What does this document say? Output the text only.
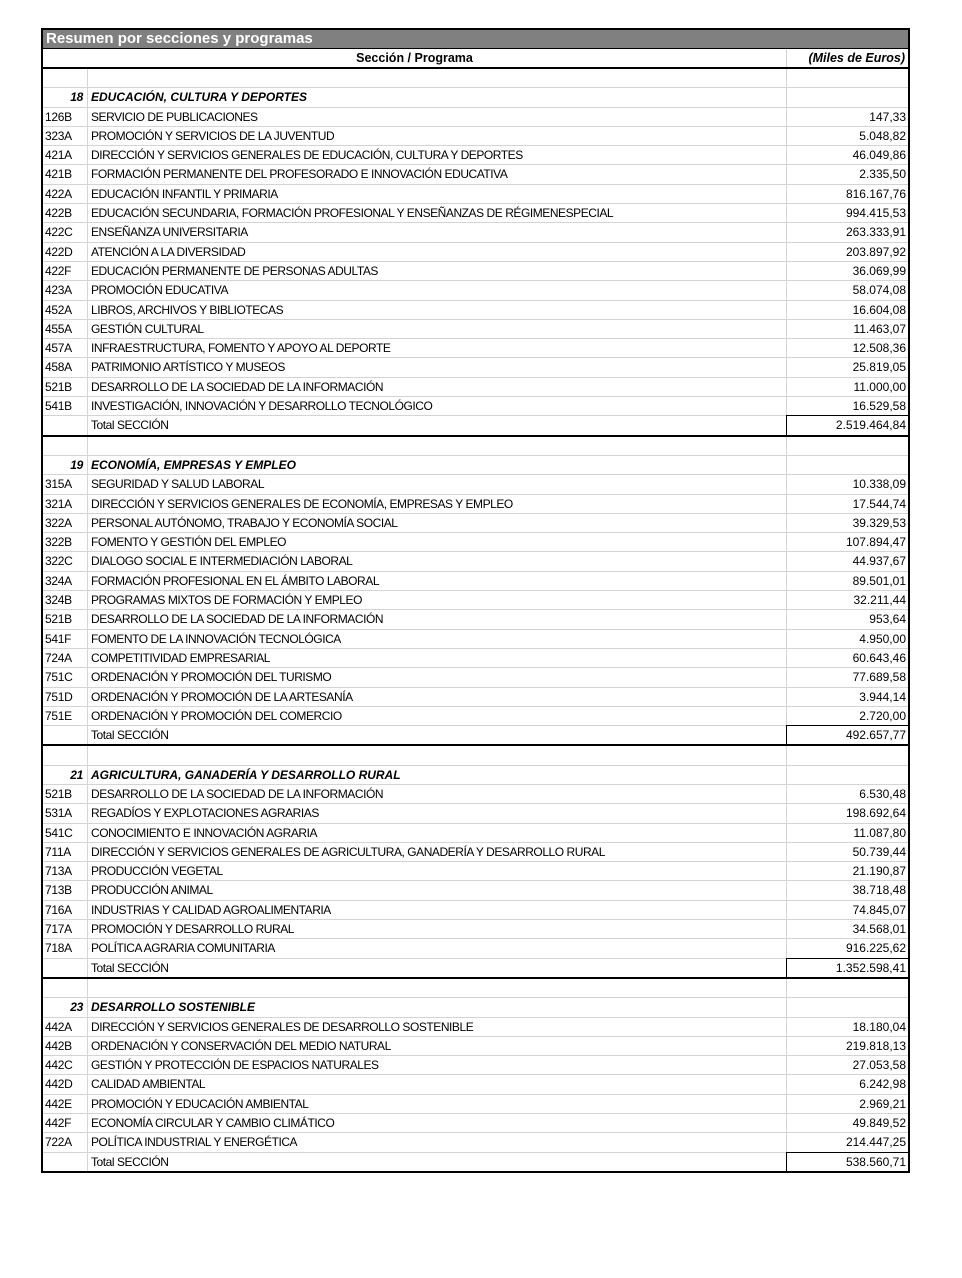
Resumen por secciones y programas
Sección / Programa	(Miles de Euros)
18 EDUCACIÓN, CULTURA Y DEPORTES
126B	SERVICIO DE PUBLICACIONES	147,33
323A	PROMOCIÓN Y SERVICIOS DE LA JUVENTUD	5.048,82
421A	DIRECCIÓN Y SERVICIOS GENERALES DE EDUCACIÓN, CULTURA Y DEPORTES	46.049,86
421B	FORMACIÓN PERMANENTE DEL PROFESORADO E INNOVACIÓN EDUCATIVA	2.335,50
422A	EDUCACIÓN INFANTIL Y PRIMARIA	816.167,76
422B	EDUCACIÓN SECUNDARIA, FORMACIÓN PROFESIONAL Y ENSEÑANZAS DE RÉGIMENESPECIAL	994.415,53
422C	ENSEÑANZA UNIVERSITARIA	263.333,91
422D	ATENCIÓN A LA DIVERSIDAD	203.897,92
422F	EDUCACIÓN PERMANENTE DE PERSONAS ADULTAS	36.069,99
423A	PROMOCIÓN EDUCATIVA	58.074,08
452A	LIBROS, ARCHIVOS Y BIBLIOTECAS	16.604,08
455A	GESTIÓN CULTURAL	11.463,07
457A	INFRAESTRUCTURA, FOMENTO Y APOYO AL DEPORTE	12.508,36
458A	PATRIMONIO ARTÍSTICO Y MUSEOS	25.819,05
521B	DESARROLLO DE LA SOCIEDAD DE LA INFORMACIÓN	11.000,00
541B	INVESTIGACIÓN, INNOVACIÓN Y DESARROLLO TECNOLÓGICO	16.529,58
Total SECCIÓN	2.519.464,84
19 ECONOMÍA, EMPRESAS Y EMPLEO
315A	SEGURIDAD Y SALUD LABORAL	10.338,09
321A	DIRECCIÓN Y SERVICIOS GENERALES DE ECONOMÍA, EMPRESAS Y EMPLEO	17.544,74
322A	PERSONAL AUTÓNOMO, TRABAJO Y ECONOMÍA SOCIAL	39.329,53
322B	FOMENTO Y GESTIÓN DEL EMPLEO	107.894,47
322C	DIALOGO SOCIAL E INTERMEDIACIÓN LABORAL	44.937,67
324A	FORMACIÓN PROFESIONAL EN EL ÁMBITO LABORAL	89.501,01
324B	PROGRAMAS MIXTOS DE FORMACIÓN Y EMPLEO	32.211,44
521B	DESARROLLO DE LA SOCIEDAD DE LA INFORMACIÓN	953,64
541F	FOMENTO DE LA INNOVACIÓN TECNOLÓGICA	4.950,00
724A	COMPETITIVIDAD EMPRESARIAL	60.643,46
751C	ORDENACIÓN Y PROMOCIÓN DEL TURISMO	77.689,58
751D	ORDENACIÓN Y PROMOCIÓN DE LA ARTESANÍA	3.944,14
751E	ORDENACIÓN Y PROMOCIÓN DEL COMERCIO	2.720,00
Total SECCIÓN	492.657,77
21 AGRICULTURA, GANADERÍA Y DESARROLLO RURAL
521B	DESARROLLO DE LA SOCIEDAD DE LA INFORMACIÓN	6.530,48
531A	REGADÍOS Y EXPLOTACIONES AGRARIAS	198.692,64
541C	CONOCIMIENTO E INNOVACIÓN AGRARIA	11.087,80
711A	DIRECCIÓN Y SERVICIOS GENERALES DE AGRICULTURA, GANADERÍA Y DESARROLLO RURAL	50.739,44
713A	PRODUCCIÓN VEGETAL	21.190,87
713B	PRODUCCIÓN ANIMAL	38.718,48
716A	INDUSTRIAS Y CALIDAD AGROALIMENTARIA	74.845,07
717A	PROMOCIÓN Y DESARROLLO RURAL	34.568,01
718A	POLÍTICA AGRARIA COMUNITARIA	916.225,62
Total SECCIÓN	1.352.598,41
23 DESARROLLO SOSTENIBLE
442A	DIRECCIÓN Y SERVICIOS GENERALES DE DESARROLLO SOSTENIBLE	18.180,04
442B	ORDENACIÓN Y CONSERVACIÓN DEL MEDIO NATURAL	219.818,13
442C	GESTIÓN Y PROTECCIÓN DE ESPACIOS NATURALES	27.053,58
442D	CALIDAD AMBIENTAL	6.242,98
442E	PROMOCIÓN Y EDUCACIÓN AMBIENTAL	2.969,21
442F	ECONOMÍA CIRCULAR Y CAMBIO CLIMÁTICO	49.849,52
722A	POLÍTICA INDUSTRIAL Y ENERGÉTICA	214.447,25
Total SECCIÓN	538.560,71
